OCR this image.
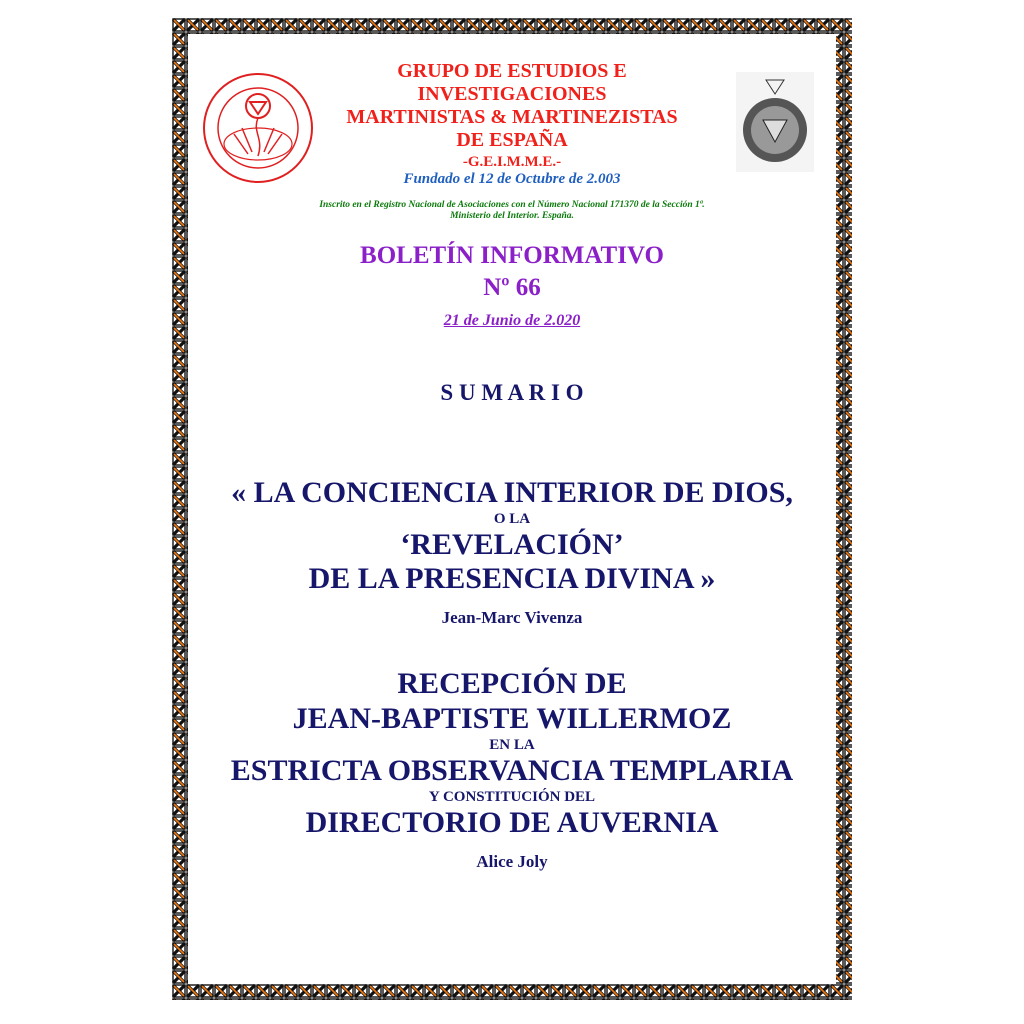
GRUPO DE ESTUDIOS E
INVESTIGACIONES
MARTINISTAS & MARTINEZISTAS
DE ESPAÑA
-G.E.I.M.M.E.-
Fundado el 12 de Octubre de 2.003
Inscrito en el Registro Nacional de Asociaciones con el Número Nacional 171370 de la Sección 1ª.
Ministerio del Interior. España.
BOLETÍN INFORMATIVO
Nº 66
21 de Junio de 2.020
S U M A R I O
« LA CONCIENCIA INTERIOR DE DIOS,
O LA
‘REVELACIÓN’
DE LA PRESENCIA DIVINA »
Jean-Marc Vivenza
RECEPCIÓN DE
JEAN-BAPTISTE WILLERMOZ
EN LA
ESTRICTA OBSERVANCIA TEMPLARIA
Y CONSTITUCIÓN DEL
DIRECTORIO DE AUVERNIA
Alice Joly
